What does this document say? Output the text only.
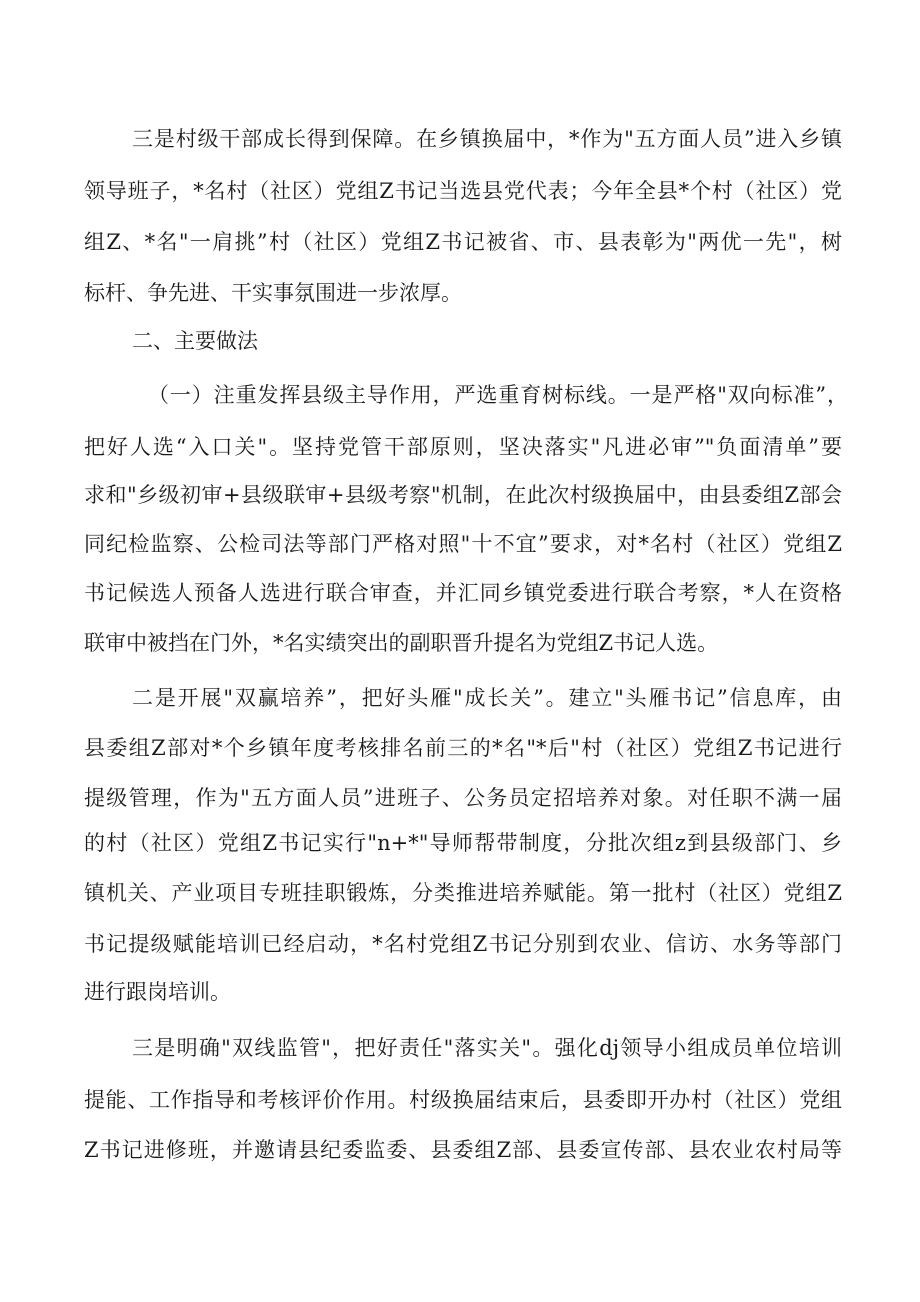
三是村级干部成长得到保障。在乡镇换届中，*作为"五方面人员”进入乡镇
领导班子，*名村（社区）党组Z书记当选县党代表；今年全县*个村（社区）党
组Z、*名"一肩挑”村（社区）党组Z书记被省、市、县表彰为"两优一先"，树
标杆、争先进、干实事氛围进一步浓厚。
二、主要做法
（一）注重发挥县级主导作用，严选重育树标线。一是严格"双向标准”，
把好人选“入口关"。坚持党管干部原则，坚决落实"凡进必审”"负面清单”要
求和"乡级初审+县级联审+县级考察"机制，在此次村级换届中，由县委组Z部会
同纪检监察、公检司法等部门严格对照"十不宜”要求，对*名村（社区）党组Z
书记候选人预备人选进行联合审查，并汇同乡镇党委进行联合考察，*人在资格
联审中被挡在门外，*名实绩突出的副职晋升提名为党组Z书记人选。
二是开展"双赢培养”，把好头雁"成长关”。建立"头雁书记”信息库，由
县委组Z部对*个乡镇年度考核排名前三的*名"*后"村（社区）党组Z书记进行
提级管理，作为"五方面人员”进班子、公务员定招培养对象。对任职不满一届
的村（社区）党组Z书记实行"n+*"导师帮带制度，分批次组z到县级部门、乡
镇机关、产业项目专班挂职锻炼，分类推进培养赋能。第一批村（社区）党组Z
书记提级赋能培训已经启动，*名村党组Z书记分别到农业、信访、水务等部门
进行跟岗培训。
三是明确"双线监管"，把好责任"落实关"。强化dj领导小组成员单位培训
提能、工作指导和考核评价作用。村级换届结束后，县委即开办村（社区）党组
Z书记进修班，并邀请县纪委监委、县委组Z部、县委宣传部、县农业农村局等
